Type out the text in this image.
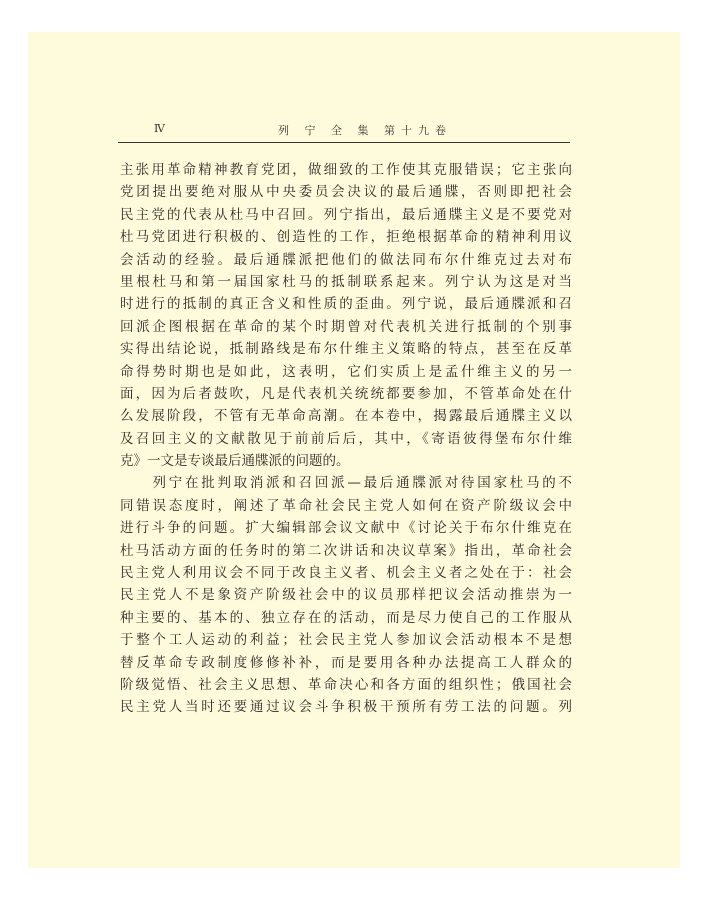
Ⅳ	列 宁 全 集 第十九卷
主张用革命精神教育党团，做细致的工作使其克服错误；它主张向
党团提出要绝对服从中央委员会决议的最后通牒，否则即把社会
民主党的代表从杜马中召回。列宁指出，最后通牒主义是不要党对
杜马党团进行积极的、创造性的工作，拒绝根据革命的精神利用议
会活动的经验。最后通牒派把他们的做法同布尔什维克过去对布
里根杜马和第一届国家杜马的抵制联系起来。列宁认为这是对当
时进行的抵制的真正含义和性质的歪曲。列宁说，最后通牒派和召
回派企图根据在革命的某个时期曾对代表机关进行抵制的个别事
实得出结论说，抵制路线是布尔什维主义策略的特点，甚至在反革
命得势时期也是如此，这表明，它们实质上是孟什维主义的另一
面，因为后者鼓吹，凡是代表机关统统都要参加，不管革命处在什
么发展阶段，不管有无革命高潮。在本卷中，揭露最后通牒主义以
及召回主义的文献散见于前前后后，其中，《寄语彼得堡布尔什维
克》一文是专谈最后通牒派的问题的。
　　列宁在批判取消派和召回派—最后通牒派对待国家杜马的不
同错误态度时，阐述了革命社会民主党人如何在资产阶级议会中
进行斗争的问题。扩大编辑部会议文献中《讨论关于布尔什维克在
杜马活动方面的任务时的第二次讲话和决议草案》指出，革命社会
民主党人利用议会不同于改良主义者、机会主义者之处在于：社会
民主党人不是象资产阶级社会中的议员那样把议会活动推崇为一
种主要的、基本的、独立存在的活动，而是尽力使自己的工作服从
于整个工人运动的利益；社会民主党人参加议会活动根本不是想
替反革命专政制度修修补补，而是要用各种办法提高工人群众的
阶级觉悟、社会主义思想、革命决心和各方面的组织性；俄国社会
民主党人当时还要通过议会斗争积极干预所有劳工法的问题。列
